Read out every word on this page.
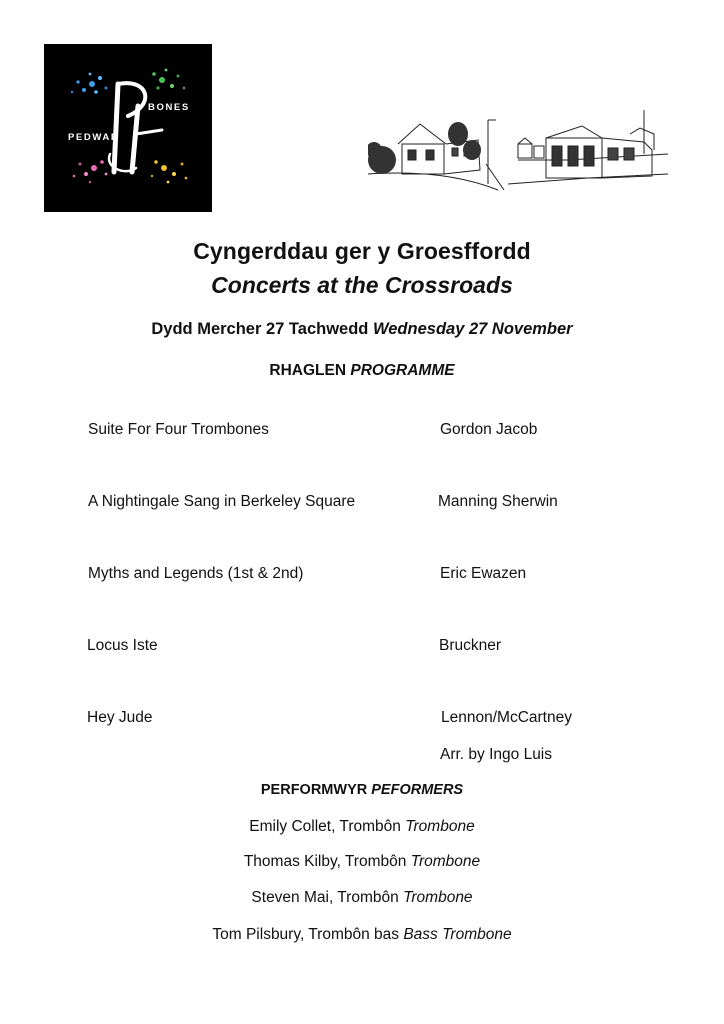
PEDWAR
BONES
Cyngerddau ger y Groesffordd
Concerts at the Crossroads
Dydd Mercher 27 Tachwedd Wednesday 27 November
RHAGLEN PROGRAMME
Suite For Four Trombones	Gordon Jacob
A Nightingale Sang in Berkeley Square	Manning Sherwin
Myths and Legends (1st & 2nd)	Eric Ewazen
Locus Iste	Bruckner
Hey Jude	Lennon/McCartney
Arr. by Ingo Luis
PERFORMWYR PEFORMERS
Emily Collet, Trombôn Trombone
Thomas Kilby, Trombôn Trombone
Steven Mai, Trombôn Trombone
Tom Pilsbury, Trombôn bas Bass Trombone
